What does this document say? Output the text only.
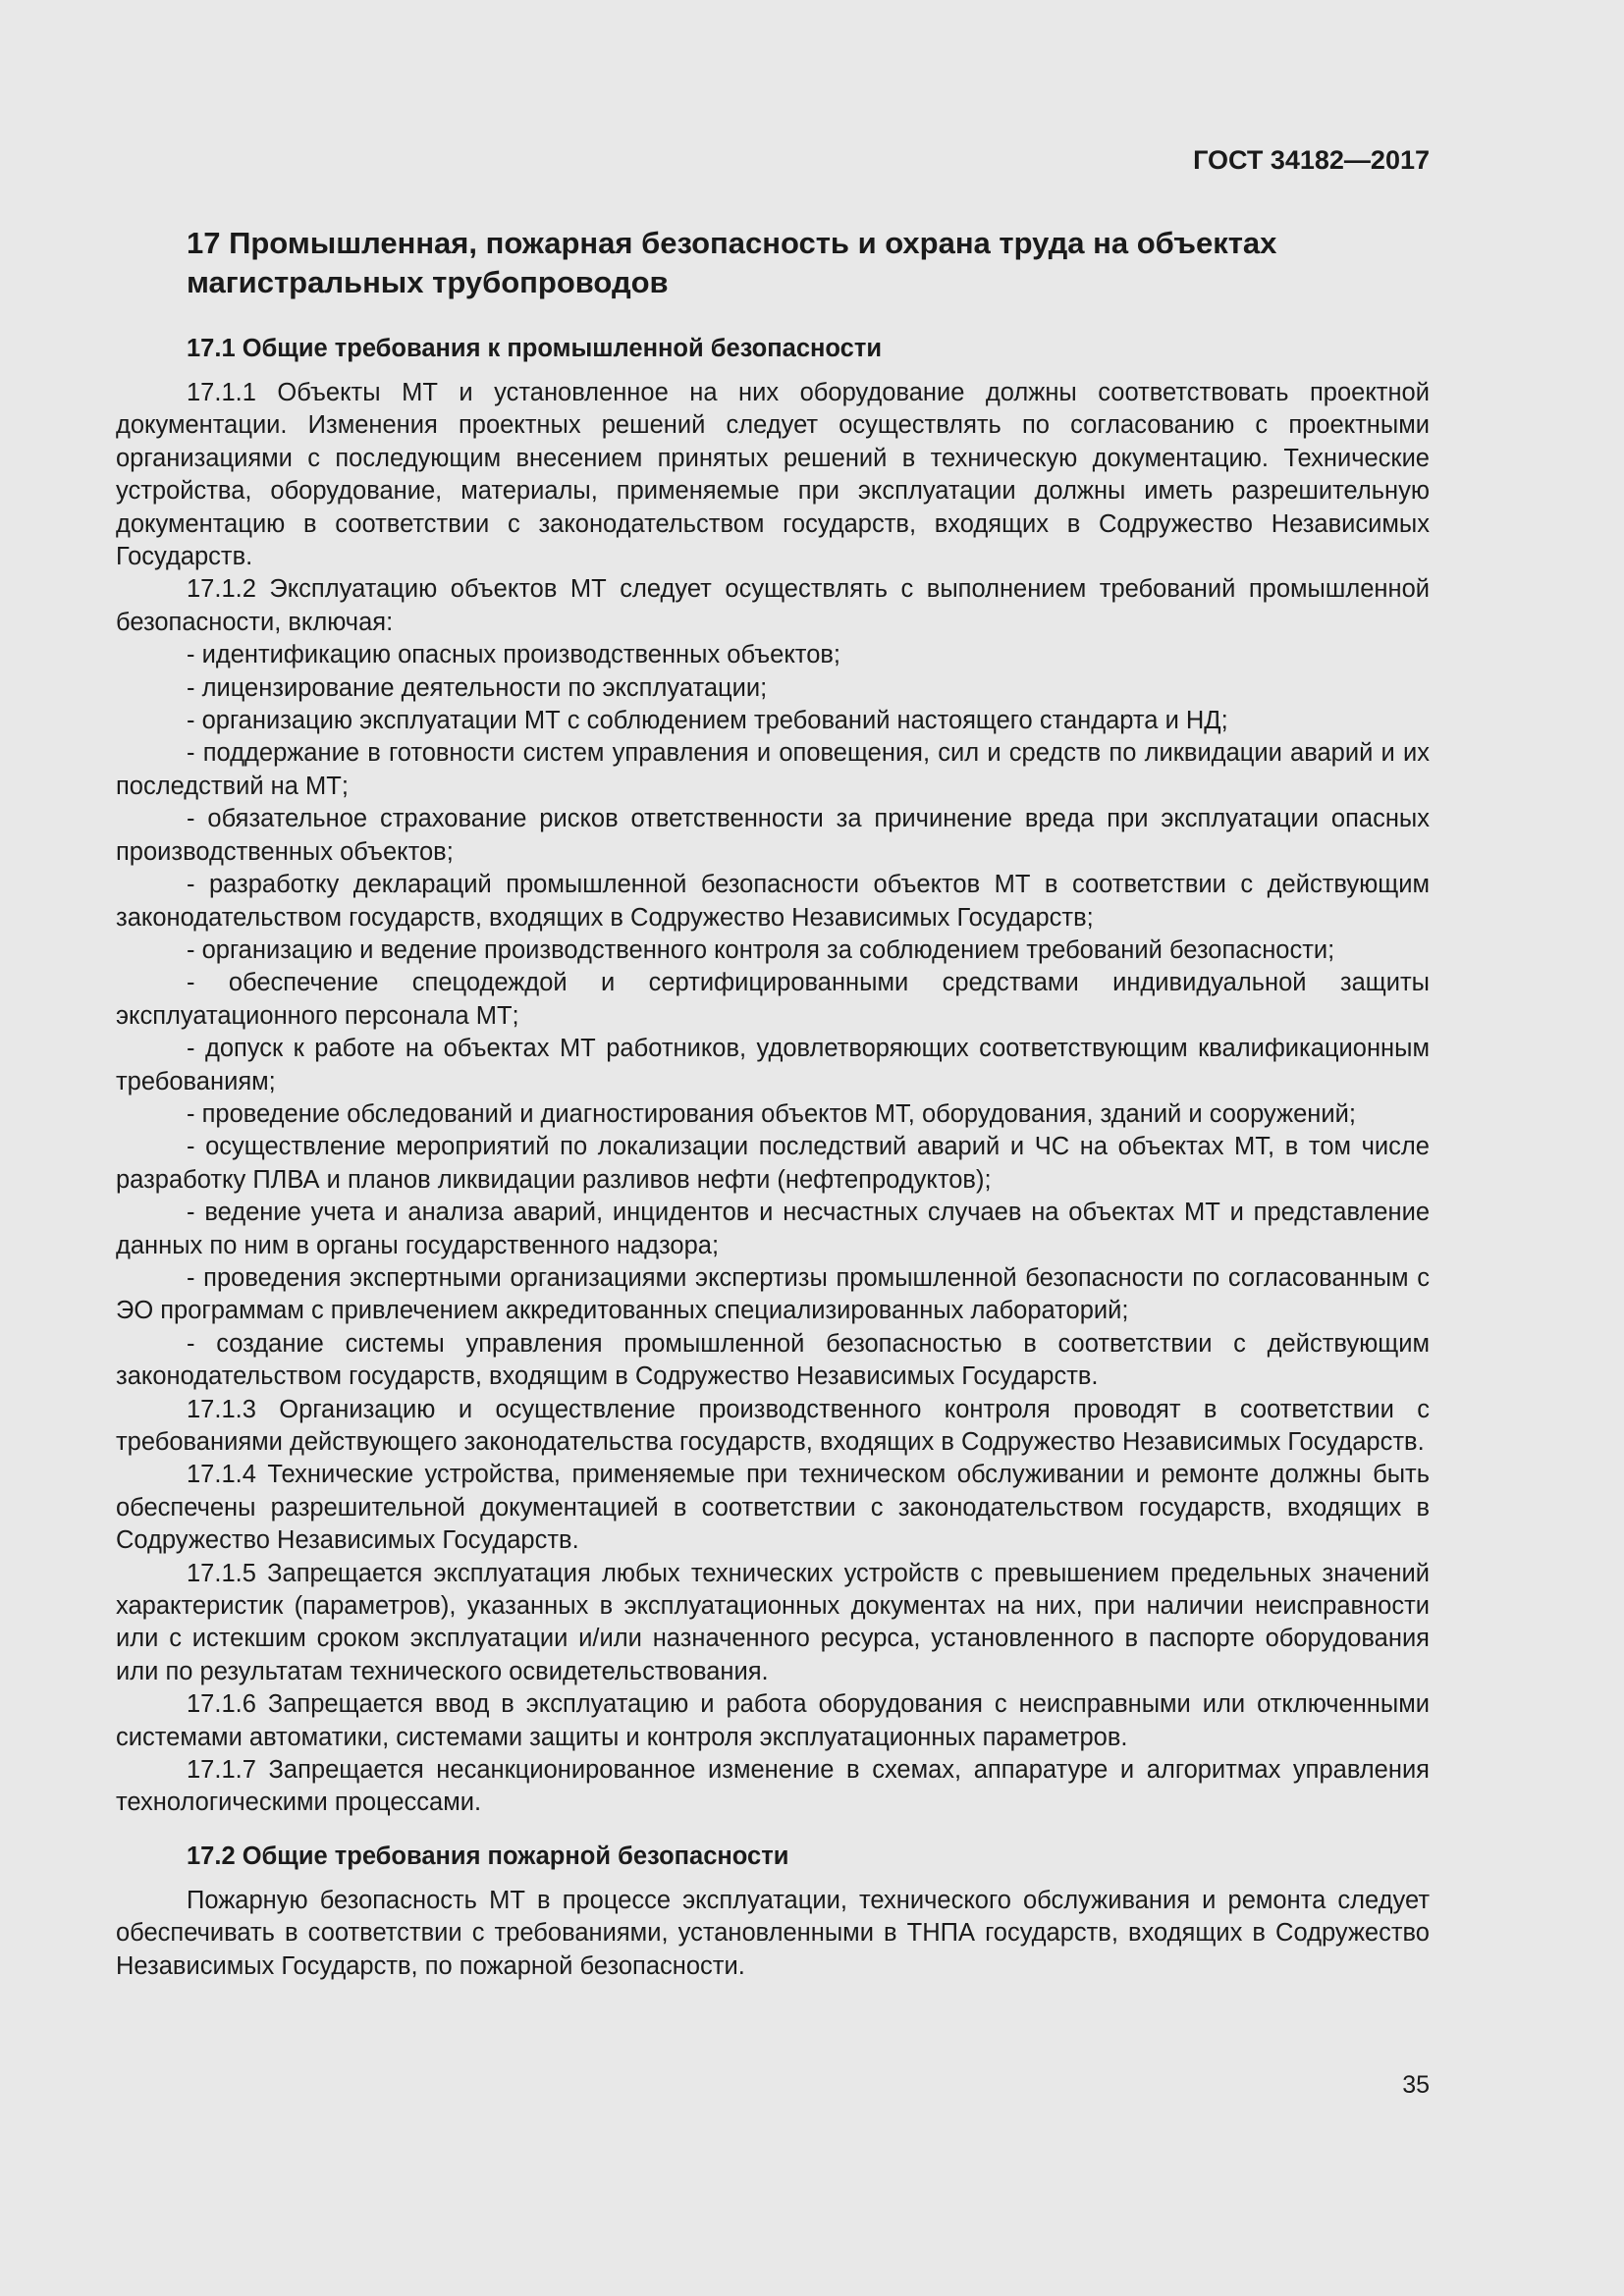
ГОСТ 34182—2017
17 Промышленная, пожарная безопасность и охрана труда на объектах магистральных трубопроводов
17.1 Общие требования к промышленной безопасности

17.1.1 Объекты МТ и установленное на них оборудование должны соответствовать проектной документации. Изменения проектных решений следует осуществлять по согласованию с проектными организациями с последующим внесением принятых решений в техническую документацию. Технические устройства, оборудование, материалы, применяемые при эксплуатации должны иметь разрешительную документацию в соответствии с законодательством государств, входящих в Содружество Независимых Государств.

17.1.2 Эксплуатацию объектов МТ следует осуществлять с выполнением требований промышленной безопасности, включая:

- идентификацию опасных производственных объектов;

- лицензирование деятельности по эксплуатации;

- организацию эксплуатации МТ с соблюдением требований настоящего стандарта и НД;

- поддержание в готовности систем управления и оповещения, сил и средств по ликвидации аварий и их последствий на МТ;

- обязательное страхование рисков ответственности за причинение вреда при эксплуатации опасных производственных объектов;

- разработку деклараций промышленной безопасности объектов МТ в соответствии с действующим законодательством государств, входящих в Содружество Независимых Государств;

- организацию и ведение производственного контроля за соблюдением требований безопасности;

- обеспечение спецодеждой и сертифицированными средствами индивидуальной защиты эксплуатационного персонала МТ;

- допуск к работе на объектах МТ работников, удовлетворяющих соответствующим квалификационным требованиям;

- проведение обследований и диагностирования объектов МТ, оборудования, зданий и сооружений;

- осуществление мероприятий по локализации последствий аварий и ЧС на объектах МТ, в том числе разработку ПЛВА и планов ликвидации разливов нефти (нефтепродуктов);

- ведение учета и анализа аварий, инцидентов и несчастных случаев на объектах МТ и представление данных по ним в органы государственного надзора;

- проведения экспертными организациями экспертизы промышленной безопасности по согласованным с ЭО программам с привлечением аккредитованных специализированных лабораторий;

- создание системы управления промышленной безопасностью в соответствии с действующим законодательством государств, входящим в Содружество Независимых Государств.

17.1.3 Организацию и осуществление производственного контроля проводят в соответствии с требованиями действующего законодательства государств, входящих в Содружество Независимых Государств.

17.1.4 Технические устройства, применяемые при техническом обслуживании и ремонте должны быть обеспечены разрешительной документацией в соответствии с законодательством государств, входящих в Содружество Независимых Государств.

17.1.5 Запрещается эксплуатация любых технических устройств с превышением предельных значений характеристик (параметров), указанных в эксплуатационных документах на них, при наличии неисправности или с истекшим сроком эксплуатации и/или назначенного ресурса, установленного в паспорте оборудования или по результатам технического освидетельствования.

17.1.6 Запрещается ввод в эксплуатацию и работа оборудования с неисправными или отключенными системами автоматики, системами защиты и контроля эксплуатационных параметров.

17.1.7 Запрещается несанкционированное изменение в схемах, аппаратуре и алгоритмах управления технологическими процессами.

17.2 Общие требования пожарной безопасности

Пожарную безопасность МТ в процессе эксплуатации, технического обслуживания и ремонта следует обеспечивать в соответствии с требованиями, установленными в ТНПА государств, входящих в Содружество Независимых Государств, по пожарной безопасности.

35
